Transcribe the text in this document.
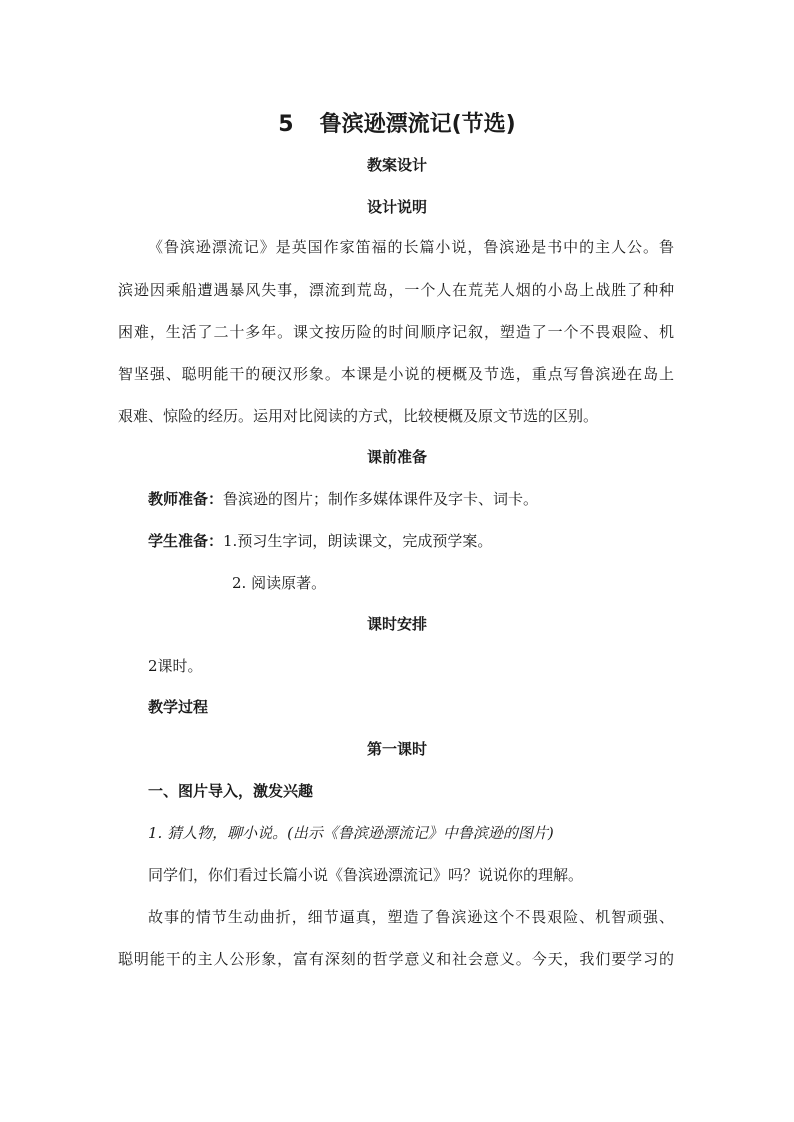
5 鲁滨逊漂流记(节选)
教案设计
设计说明
《鲁滨逊漂流记》是英国作家笛福的长篇小说，鲁滨逊是书中的主人公。鲁
滨逊因乘船遭遇暴风失事，漂流到荒岛，一个人在荒芜人烟的小岛上战胜了种种
困难，生活了二十多年。课文按历险的时间顺序记叙，塑造了一个不畏艰险、机
智坚强、聪明能干的硬汉形象。本课是小说的梗概及节选，重点写鲁滨逊在岛上
艰难、惊险的经历。运用对比阅读的方式，比较梗概及原文节选的区别。
课前准备
教师准备：鲁滨逊的图片；制作多媒体课件及字卡、词卡。
学生准备：1.预习生字词，朗读课文，完成预学案。
2. 阅读原著。
课时安排
2课时。
教学过程
第一课时
一、图片导入，激发兴趣
1. 猜人物，聊小说。(出示《鲁滨逊漂流记》中鲁滨逊的图片)
同学们，你们看过长篇小说《鲁滨逊漂流记》吗？说说你的理解。
故事的情节生动曲折，细节逼真，塑造了鲁滨逊这个不畏艰险、机智顽强、
聪明能干的主人公形象，富有深刻的哲学意义和社会意义。今天，我们要学习的
